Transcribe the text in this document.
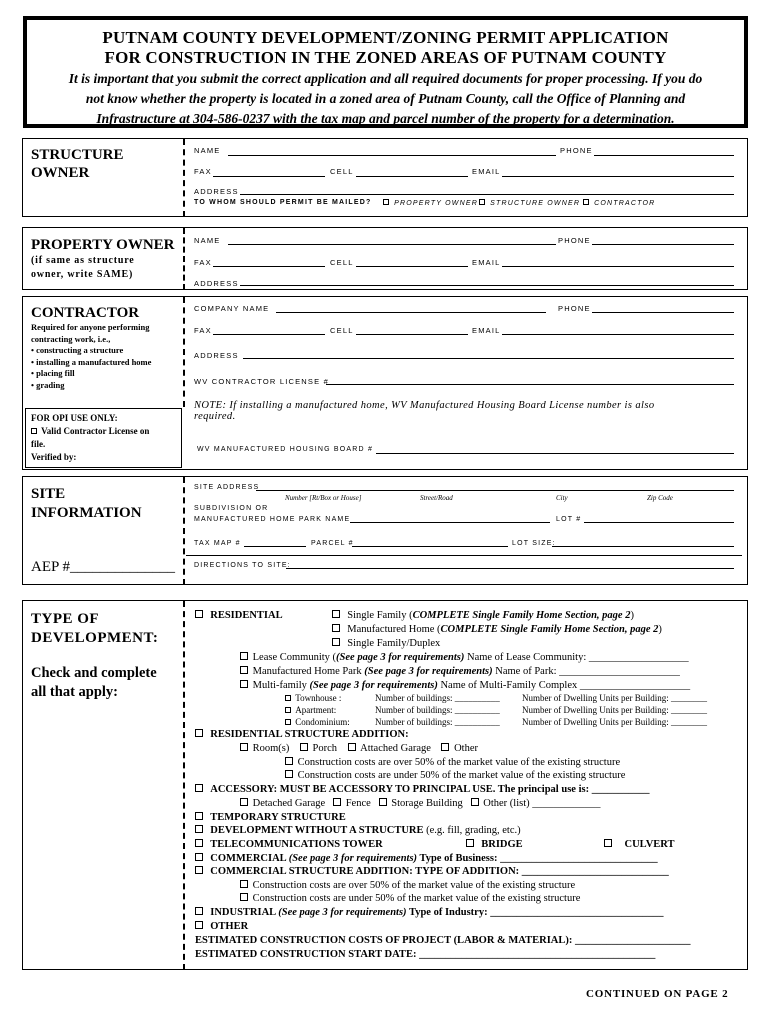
PUTNAM COUNTY DEVELOPMENT/ZONING PERMIT APPLICATION
FOR CONSTRUCTION IN THE ZONED AREAS OF PUTNAM COUNTY
It is important that you submit the correct application and all required documents for proper processing. If you do
not know whether the property is located in a zoned area of Putnam County, call the Office of Planning and
Infrastructure at 304-586-0237 with the tax map and parcel number of the property for a determination.
STRUCTURE
OWNER
NAME	PHONE
FAX	CELL	EMAIL
ADDRESS
TO WHOM SHOULD PERMIT BE MAILED?	PROPERTY OWNER	STRUCTURE OWNER	CONTRACTOR
PROPERTY OWNER
(if same as structure
owner, write SAME)
NAME	PHONE
FAX	CELL	EMAIL
ADDRESS
CONTRACTOR
Required for anyone performing
contracting work, i.e.,
• constructing a structure
• installing a manufactured home
• placing fill
• grading
COMPANY NAME	PHONE
FAX	CELL	EMAIL
ADDRESS
WV CONTRACTOR LICENSE #
NOTE: If installing a manufactured home, WV Manufactured Housing Board License number is also
required.
WV MANUFACTURED HOUSING BOARD #
FOR OPI USE ONLY:
Valid Contractor License on
file.
Verified by:
SITE
INFORMATION
AEP #______________
SITE ADDRESS
Number [Rt/Box or House]	Street/Road	City	Zip Code
SUBDIVISION OR
MANUFACTURED HOME PARK NAME	LOT #
TAX MAP #	PARCEL #	LOT SIZE:
DIRECTIONS TO SITE:
TYPE OF
DEVELOPMENT:
Check and complete
all that apply:
RESIDENTIAL	Single Family (COMPLETE Single Family Home Section, page 2)
Manufactured Home (COMPLETE Single Family Home Section, page 2)
Single Family/Duplex
Lease Community ((See page 3 for requirements) Name of Lease Community: ___________________
Manufactured Home Park (See page 3 for requirements) Name of Park: _______________________
Multi-family (See page 3 for requirements) Name of Multi-Family Complex _____________________
Townhouse :	Number of buildings: __________ Number of Dwelling Units per Building: ________
Apartment:	Number of buildings: __________ Number of Dwelling Units per Building: ________
Condominium:	Number of buildings: __________ Number of Dwelling Units per Building: ________
RESIDENTIAL STRUCTURE ADDITION:
Room(s) Porch Attached Garage Other
Construction costs are over 50% of the market value of the existing structure
Construction costs are under 50% of the market value of the existing structure
ACCESSORY: MUST BE ACCESSORY TO PRINCIPAL USE. The principal use is: ___________
Detached Garage Fence Storage Building Other (list) _____________
TEMPORARY STRUCTURE
DEVELOPMENT WITHOUT A STRUCTURE (e.g. fill, grading, etc.)
TELECOMMUNICATIONS TOWER	BRIDGE	CULVERT
COMMERCIAL (See page 3 for requirements) Type of Business: ______________________________
COMMERCIAL STRUCTURE ADDITION: TYPE OF ADDITION: ____________________________
Construction costs are over 50% of the market value of the existing structure
Construction costs are under 50% of the market value of the existing structure
INDUSTRIAL (See page 3 for requirements) Type of Industry: _________________________________
OTHER
ESTIMATED CONSTRUCTION COSTS OF PROJECT (LABOR & MATERIAL): ______________________
ESTIMATED CONSTRUCTION START DATE: _____________________________________________
CONTINUED ON PAGE 2
